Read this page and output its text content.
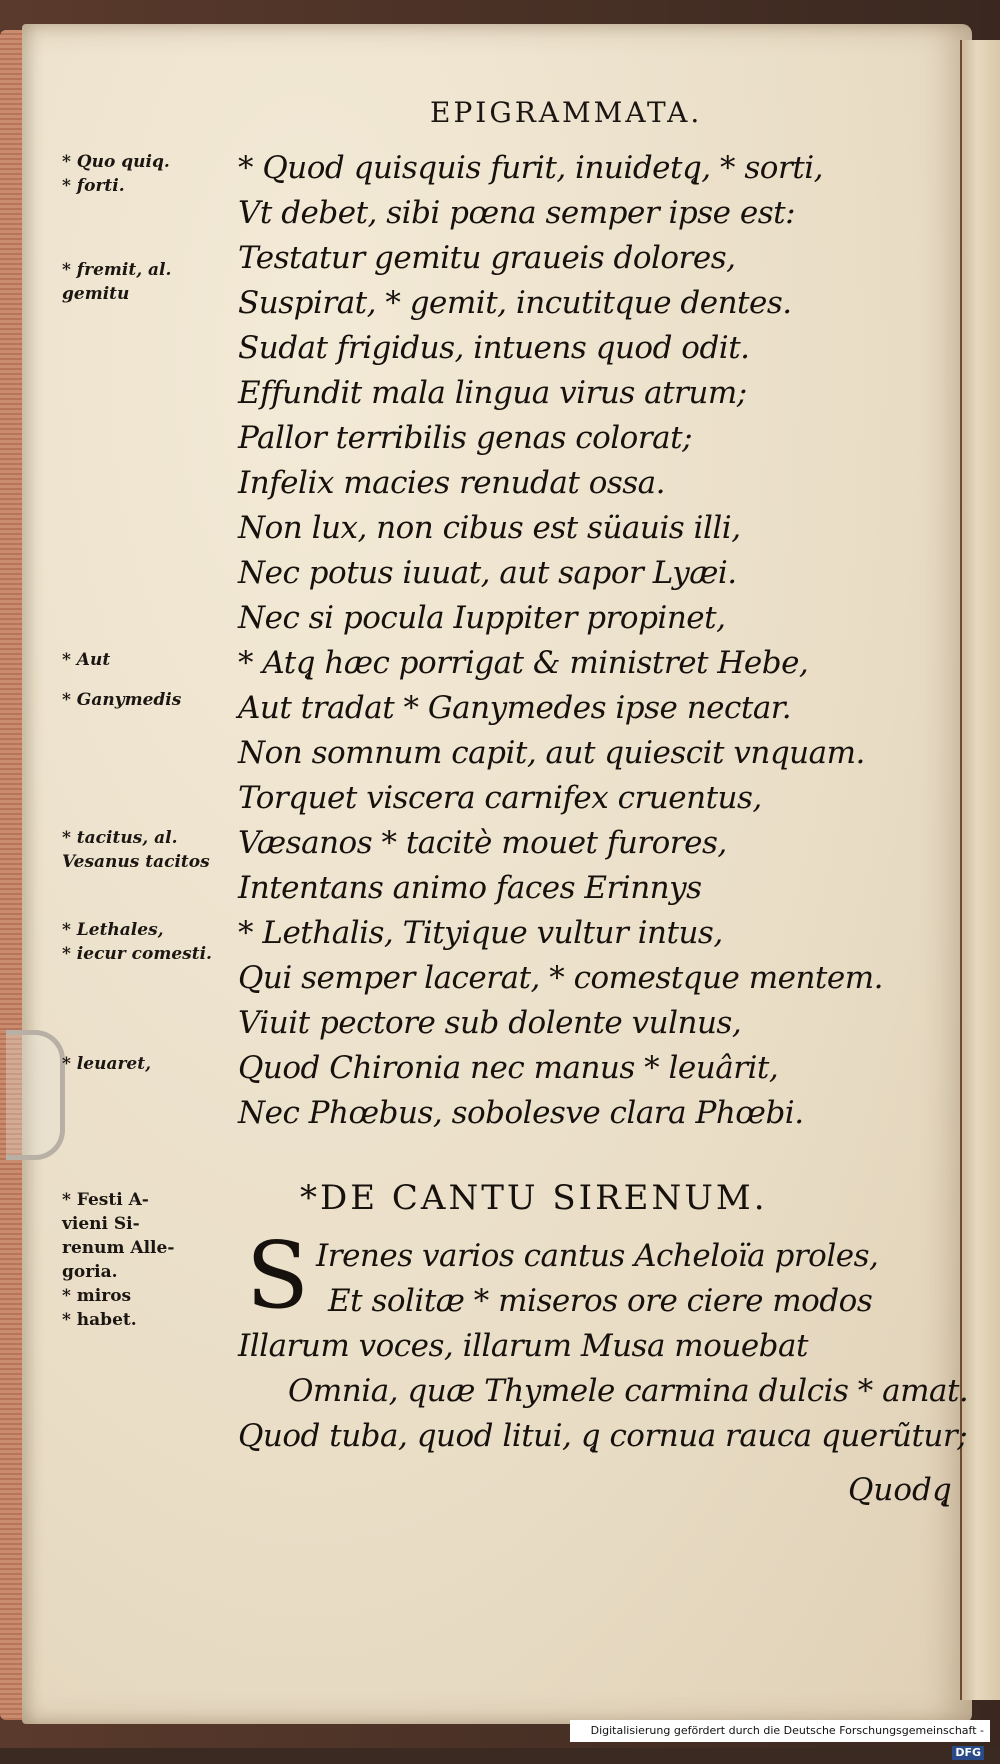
EPIGRAMMATA.
* Quo quiq̨.
* forti.
* fremit, al.
gemitu
* Aut
* Ganymedis
* tacitus, al.
Vesanus tacitos
* Lethales,
* iecur comesti.
* leuaret,
* Festi A-
vieni Si-
renum Alle-
goria.
* miros
* habet.
* Quod quisquis furit, inuidetq̨, * sorti,
Vt debet, sibi pœna semper ipse est:
Testatur gemitu graueis dolores,
Suspirat, * gemit, incutitque dentes.
Sudat frigidus, intuens quod odit.
Effundit mala lingua virus atrum;
Pallor terribilis genas colorat;
Infelix macies renudat ossa.
Non lux, non cibus est süauis illi,
Nec potus iuuat, aut sapor Lyæi.
Nec si pocula Iuppiter propinet,
* Atq̨ hæc porrigat & ministret Hebe,
Aut tradat * Ganymedes ipse nectar.
Non somnum capit, aut quiescit vnquam.
Torquet viscera carnifex cruentus,
Væsanos * tacitè mouet furores,
Intentans animo faces Erinnys
* Lethalis, Tityique vultur intus,
Qui semper lacerat, * comestque mentem.
Viuit pectore sub dolente vulnus,
Quod Chironia nec manus * leuârit,
Nec Phœbus, sobolesve clara Phœbi.
*DE CANTU SIRENUM.
S Irenes varios cantus Acheloïa proles,
Et solitæ * miseros ore ciere modos
Illarum voces, illarum Musa mouebat
Omnia, quæ Thymele carmina dulcis * amat.
Quod tuba, quod litui, q̨ cornua rauca querũtur;
Quodq̨
Digitalisierung gefördert durch die Deutsche Forschungsgemeinschaft -DFG
